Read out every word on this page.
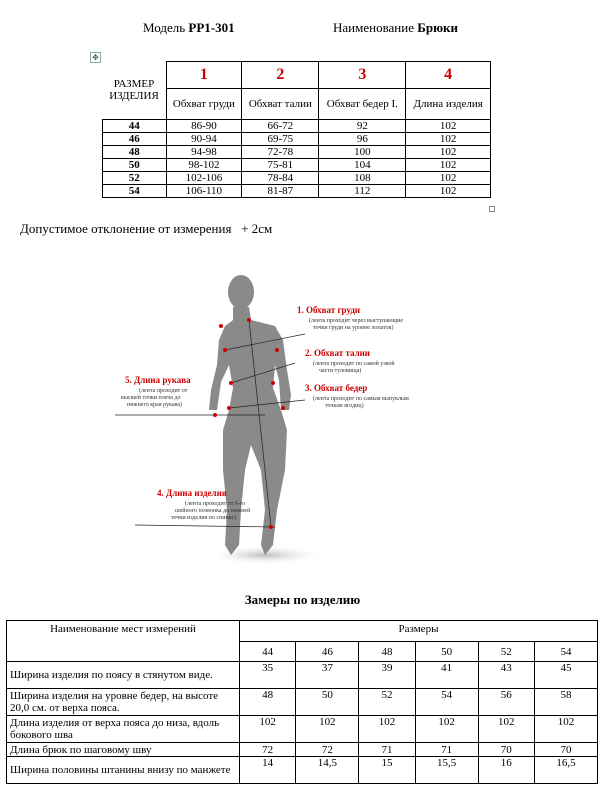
Модель PP1-301	Наименование Брюки
✥
РАЗМЕР ИЗДЕЛИЯ	1	2	3	4
	Обхват груди	Обхват талии	Обхват бедер I.	Длина изделия
44	86-90	66-72	92	102
46	90-94	69-75	96	102
48	94-98	72-78	100	102
50	98-102	75-81	104	102
52	102-106	78-84	108	102
54	106-110	81-87	112	102
Допустимое отклонение от измерения + 2см
1. Обхват груди
(лента проходит через выступающие
точки груди на уровне лопаток)
2. Обхват талии
(лента проходит по самой узкой
части туловища)
3. Обхват бедер
(лента проходит по самым выпуклым
точкам ягодиц)
4. Длина изделия
(лента проходит от 6-го
шейного позвонка до нижней
точки изделия по спинке)
5. Длина рукава
(лента проходит от
высшей точки плеча до
нижнего края рукава)
Замеры по изделию
Наименование мест измерений	Размеры					
	44	46	48	50	52	54
Ширина изделия по поясу в стянутом виде.	35	37	39	41	43	45
Ширина изделия на уровне бедер, на высоте 20,0 см. от верха пояса.	48	50	52	54	56	58
Длина изделия от верха пояса до низа, вдоль бокового шва	102	102	102	102	102	102
Длина брюк по шаговому шву	72	72	71	71	70	70
Ширина половины штанины внизу по манжете	14	14,5	15	15,5	16	16,5
